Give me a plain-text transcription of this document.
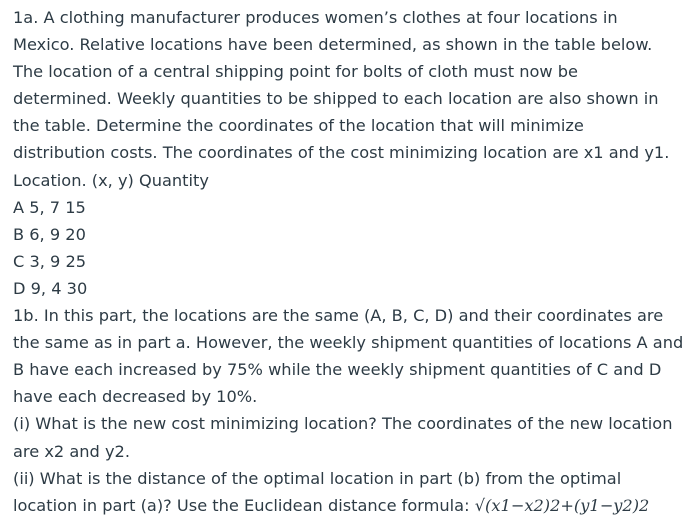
1a. A clothing manufacturer produces women’s clothes at four locations in
Mexico. Relative locations have been determined, as shown in the table below.
The location of a central shipping point for bolts of cloth must now be
determined. Weekly quantities to be shipped to each location are also shown in
the table. Determine the coordinates of the location that will minimize
distribution costs. The coordinates of the cost minimizing location are x1 and y1.
Location. (x, y) Quantity
A 5, 7 15
B 6, 9 20
C 3, 9 25
D 9, 4 30
1b. In this part, the locations are the same (A, B, C, D) and their coordinates are
the same as in part a. However, the weekly shipment quantities of locations A and
B have each increased by 75% while the weekly shipment quantities of C and D
have each decreased by 10%.
(i) What is the new cost minimizing location? The coordinates of the new location
are x2 and y2.
(ii) What is the distance of the optimal location in part (b) from the optimal
location in part (a)? Use the Euclidean distance formula: √(x1−x2)2+(y1−y2)2
